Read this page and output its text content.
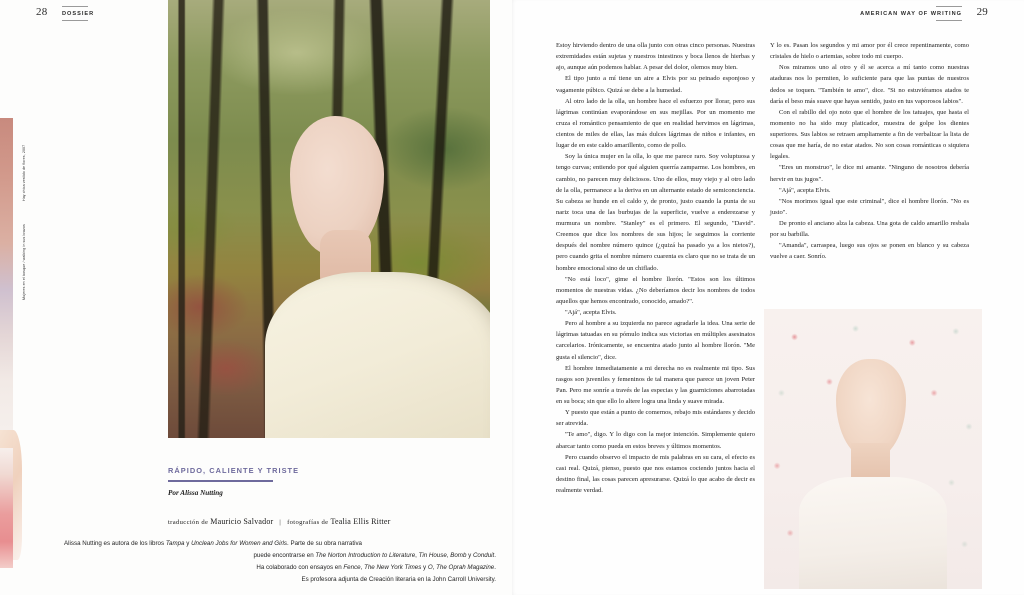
28	DOSSIER	29
AMERICAN WAY OF WRITING
Mujeres en el bosque / walking in sus brazos
Hay chica vestido de flores, 2007
RÁPIDO, CALIENTE Y TRISTE
Por Alissa Nutting
traducción de Mauricio Salvador | fotografías de Tealia Ellis Ritter

Alissa Nutting es autora de los libros Tampa y Unclean Jobs for Women and Girls. Parte de su obra narrativa

puede encontrarse en The Norton Introduction to Literature, Tin House, Bomb y Conduit.

Ha colaborado con ensayos en Fence, The New York Times y O, The Oprah Magazine.

Es profesora adjunta de Creación literaria en la John Carroll University.

Estoy hirviendo dentro de una olla junto con otras cinco personas. Nuestras extremidades están sujetas y nuestros intestinos y boca llenos de hierbas y ajo, aunque aún podemos hablar. A pesar del dolor, olemos muy bien.

El tipo junto a mí tiene un aire a Elvis por su peinado esponjoso y vagamente púbico. Quizá se debe a la humedad.

Al otro lado de la olla, un hombre hace el esfuerzo por llorar, pero sus lágrimas continúan evaporándose en sus mejillas. Por un momento me cruza el romántico pensamiento de que en realidad hervimos en lágrimas, cientos de miles de ellas, las más dulces lágrimas de niños e infantes, en lugar de en este caldo amarillento, como de pollo.

Soy la única mujer en la olla, lo que me parece raro. Soy voluptuosa y tengo curvas; entiendo por qué alguien querría zamparme. Los hombres, en cambio, no parecen muy deliciosos. Uno de ellos, muy viejo y al otro lado de la olla, permanece a la deriva en un alternante estado de semiconciencia. Su cabeza se hunde en el caldo y, de pronto, justo cuando la punta de su nariz toca una de las burbujas de la superficie, vuelve a enderezarse y murmura un nombre. "Stanley" es el primero. El segundo, "David". Creemos que dice los nombres de sus hijos; le seguimos la corriente después del nombre número quince (¿quizá ha pasado ya a los nietos?), pero cuando grita el nombre número cuarenta es claro que no se trata de un hombre emocional sino de un chiflado.

"No está loco", gime el hombre llorón. "Estos son los últimos momentos de nuestras vidas. ¿No deberíamos decir los nombres de todos aquellos que hemos encontrado, conocido, amado?".

"Ajá", acepta Elvis.

Pero al hombre a su izquierda no parece agradarle la idea. Una serie de lágrimas tatuadas en su pómulo indica sus victorias en múltiples asesinatos carcelarios. Irónicamente, se encuentra atado junto al hombre llorón. "Me gusta el silencio", dice.

El hombre inmediatamente a mi derecha no es realmente mi tipo. Sus rasgos son juveniles y femeninos de tal manera que parece un joven Peter Pan. Pero me sonríe a través de las especias y las guarniciones abarrotadas en su boca; sin que ello lo altere logra una linda y suave mirada.

Y puesto que están a punto de comernos, rebajo mis estándares y decido ser atrevida.

"Te amo", digo. Y lo digo con la mejor intención. Simplemente quiero abarcar tanto como pueda en estos breves y últimos momentos.

Pero cuando observo el impacto de mis palabras en su cara, el efecto es casi real. Quizá, pienso, puesto que nos estamos cociendo juntos hacia el destino final, las cosas parecen apresurarse. Quizá lo que acabo de decir es realmente verdad.

Y lo es. Pasan los segundos y mi amor por él crece repentinamente, como cristales de hielo o artemias, sobre todo mi cuerpo.

Nos miramos uno al otro y él se acerca a mí tanto como nuestras ataduras nos lo permiten, lo suficiente para que las puntas de nuestros dedos se toquen. "También te amo", dice. "Si no estuviéramos atados te daría el beso más suave que hayas sentido, justo en tus vaporosos labios".

Con el rabillo del ojo noto que el hombre de los tatuajes, que hasta el momento no ha sido muy platicador, muestra de golpe los dientes superiores. Sus labios se retraen ampliamente a fin de verbalizar la lista de cosas que me haría, de no estar atados. No son cosas románticas o siquiera legales.

"Eres un monstruo", le dice mi amante. "Ninguno de nosotros debería hervir en tus jugos".

"Ajá", acepta Elvis.

"Nos morimos igual que este criminal", dice el hombre llorón. "No es justo".

De pronto el anciano alza la cabeza. Una gota de caldo amarillo resbala por su barbilla.

"Amanda", carraspea, luego sus ojos se ponen en blanco y su cabeza vuelve a caer. Sonrío.
